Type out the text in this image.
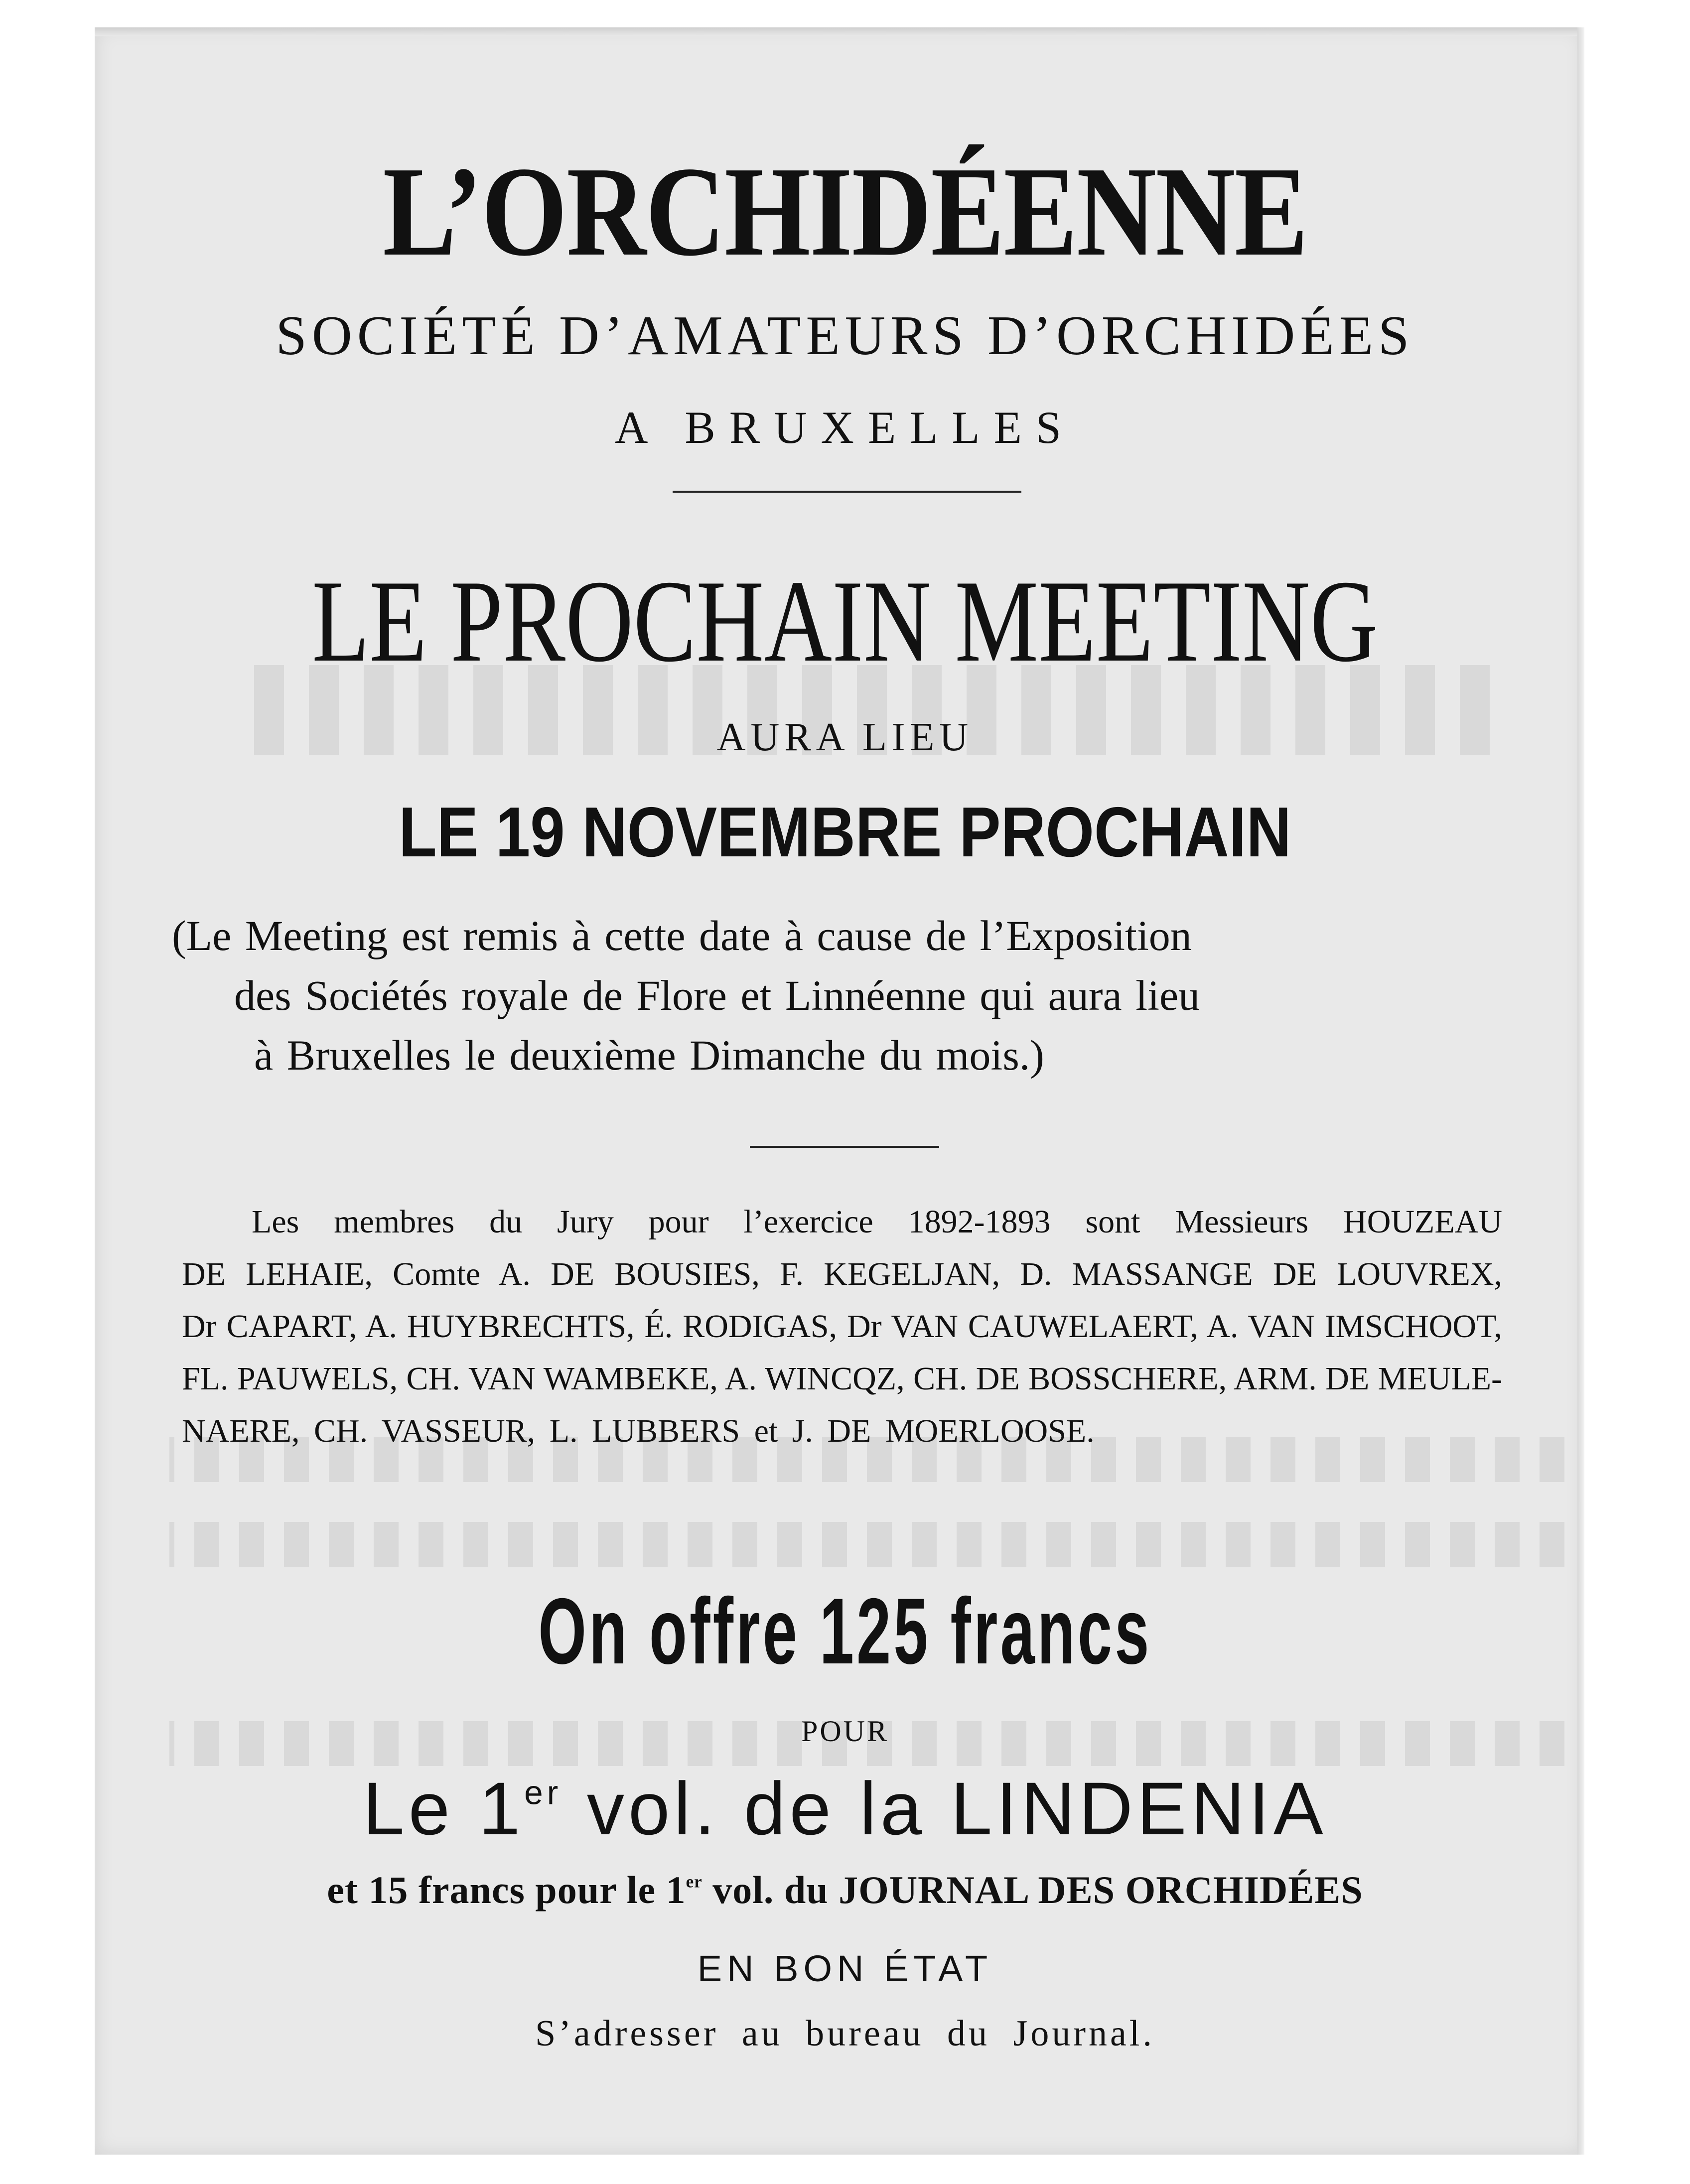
L’ORCHIDÉENNE
SOCIÉTÉ D’AMATEURS D’ORCHIDÉES
A BRUXELLES
LE PROCHAIN MEETING
AURA LIEU
LE 19 NOVEMBRE PROCHAIN
(Le Meeting est remis à cette date à cause de l’Exposition
des Sociétés royale de Flore et Linnéenne qui aura lieu
à Bruxelles le deuxième Dimanche du mois.)
Les membres du Jury pour l’exercice 1892-1893 sont Messieurs HOUZEAU
DE LEHAIE, Comte A. DE BOUSIES, F. KEGELJAN, D. MASSANGE DE LOUVREX,
Dr CAPART, A. HUYBRECHTS, É. RODIGAS, Dr VAN CAUWELAERT, A. VAN IMSCHOOT,
FL. PAUWELS, CH. VAN WAMBEKE, A. WINCQZ, CH. DE BOSSCHERE, ARM. DE MEULE-
NAERE, CH. VASSEUR, L. LUBBERS et J. DE MOERLOOSE.
On offre 125 francs
POUR
Le 1er vol. de la LINDENIA
et 15 francs pour le 1er vol. du JOURNAL DES ORCHIDÉES
EN BON ÉTAT
S’adresser au bureau du Journal.
